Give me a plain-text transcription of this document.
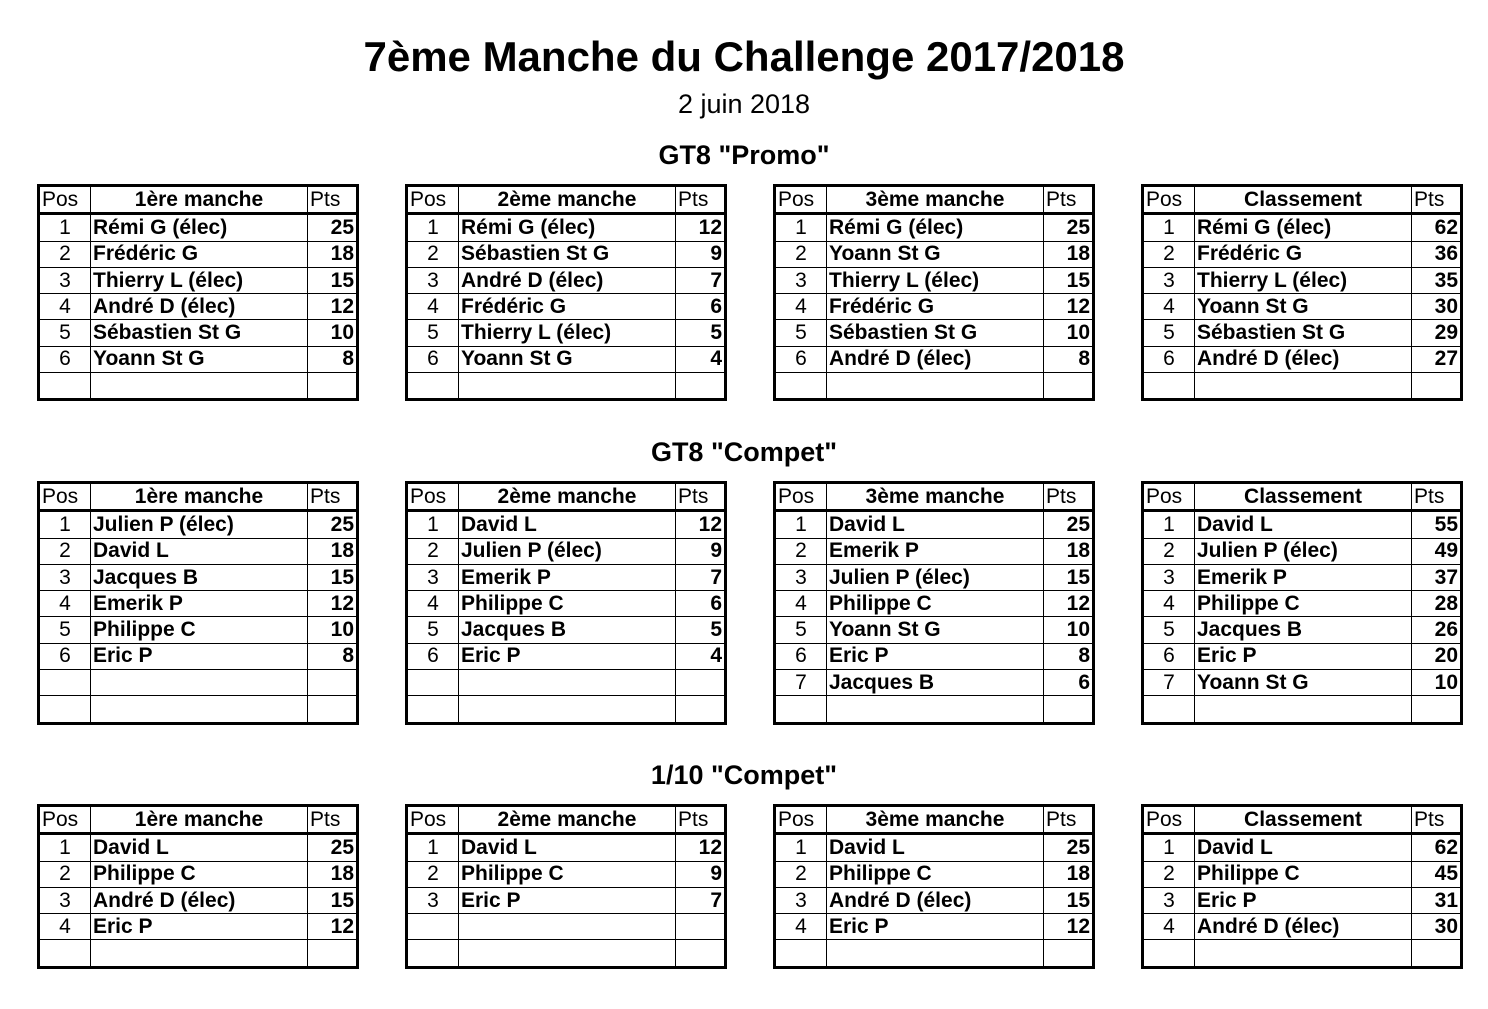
7ème Manche du Challenge 2017/2018
2 juin 2018
GT8 "Promo"
Pos	1ère manche	Pts
1	Rémi G (élec)	25
2	Frédéric G	18
3	Thierry L (élec)	15
4	André D (élec)	12
5	Sébastien St G	10
6	Yoann St G	8

Pos	2ème manche	Pts
1	Rémi G (élec)	12
2	Sébastien St G	9
3	André D (élec)	7
4	Frédéric G	6
5	Thierry L (élec)	5
6	Yoann St G	4

Pos	3ème manche	Pts
1	Rémi G (élec)	25
2	Yoann St G	18
3	Thierry L (élec)	15
4	Frédéric G	12
5	Sébastien St G	10
6	André D (élec)	8

Pos	Classement	Pts
1	Rémi G (élec)	62
2	Frédéric G	36
3	Thierry L (élec)	35
4	Yoann St G	30
5	Sébastien St G	29
6	André D (élec)	27

GT8 "Compet"
Pos	1ère manche	Pts
1	Julien P (élec)	25
2	David L	18
3	Jacques B	15
4	Emerik P	12
5	Philippe C	10
6	Eric P	8

Pos	2ème manche	Pts
1	David L	12
2	Julien P (élec)	9
3	Emerik P	7
4	Philippe C	6
5	Jacques B	5
6	Eric P	4

Pos	3ème manche	Pts
1	David L	25
2	Emerik P	18
3	Julien P (élec)	15
4	Philippe C	12
5	Yoann St G	10
6	Eric P	8
7	Jacques B	6

Pos	Classement	Pts
1	David L	55
2	Julien P (élec)	49
3	Emerik P	37
4	Philippe C	28
5	Jacques B	26
6	Eric P	20
7	Yoann St G	10

1/10 "Compet"
Pos	1ère manche	Pts
1	David L	25
2	Philippe C	18
3	André D (élec)	15
4	Eric P	12

Pos	2ème manche	Pts
1	David L	12
2	Philippe C	9
3	Eric P	7

Pos	3ème manche	Pts
1	David L	25
2	Philippe C	18
3	André D (élec)	15
4	Eric P	12

Pos	Classement	Pts
1	David L	62
2	Philippe C	45
3	Eric P	31
4	André D (élec)	30
